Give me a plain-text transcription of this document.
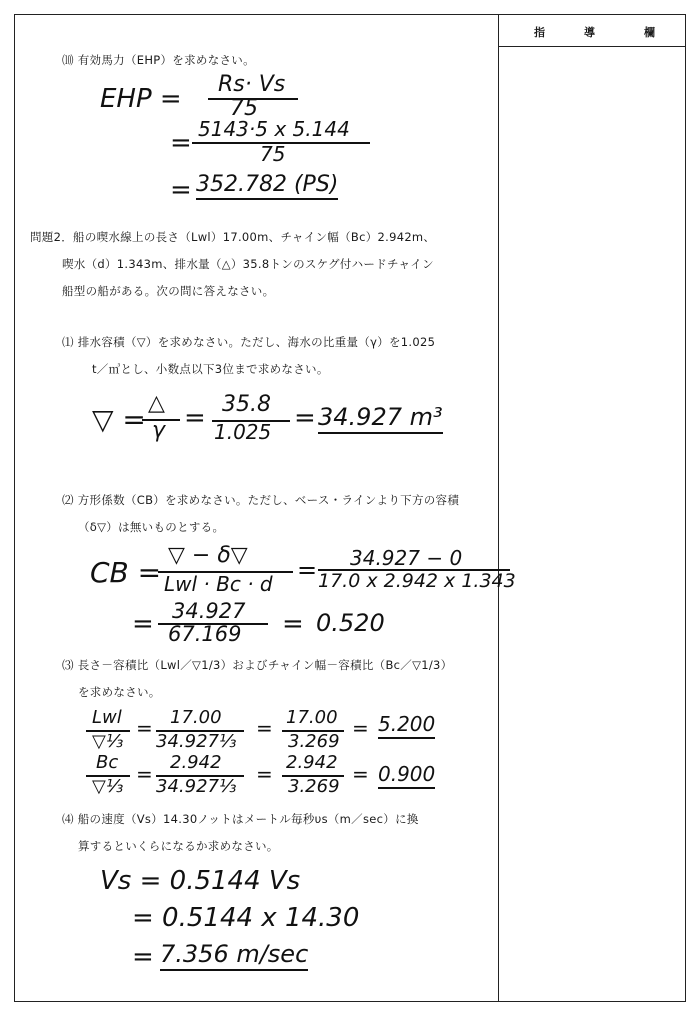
指	導	欄
⑽ 有効馬力（EHP）を求めなさい。
EHP = Rs· Vs
75
= 5143·5 x 5.144
75
= 352.782 (PS)
問題2．船の喫水線上の長さ（Lwl）17.00m、チャイン幅（Bc）2.942m、
喫水（d）1.343m、排水量（△）35.8トンのスケグ付ハードチャイン
船型の船がある。次の問に答えなさい。
⑴ 排水容積（▽）を求めなさい。ただし、海水の比重量（γ）を1.025
t／㎥とし、小数点以下3位まで求めなさい。
▽ = △
γ = 35.8
1.025 = 34.927 m³
⑵ 方形係数（CB）を求めなさい。ただし、ベース・ラインより下方の容積
（δ▽）は無いものとする。
CB =
▽ − δ▽
Lwl · Bc · d = 34.927 − 0
17.0 x 2.942 x 1.343
= 34.927
67.169 = 0.520
⑶ 長さ－容積比（Lwl／▽1/3）およびチャイン幅－容積比（Bc／▽1/3）
を求めなさい。
Lwl
▽⅓
= 17.00
34.927⅓
= 17.00
3.269
= 5.200
Bc
▽⅓
= 2.942
34.927⅓
= 2.942
3.269
= 0.900
⑷ 船の速度（Vs）14.30ノットはメートル毎秒υs（m／sec）に換
算するといくらになるか求めなさい。
Vs = 0.5144 Vs
= 0.5144 x 14.30
= 7.356 m/sec
